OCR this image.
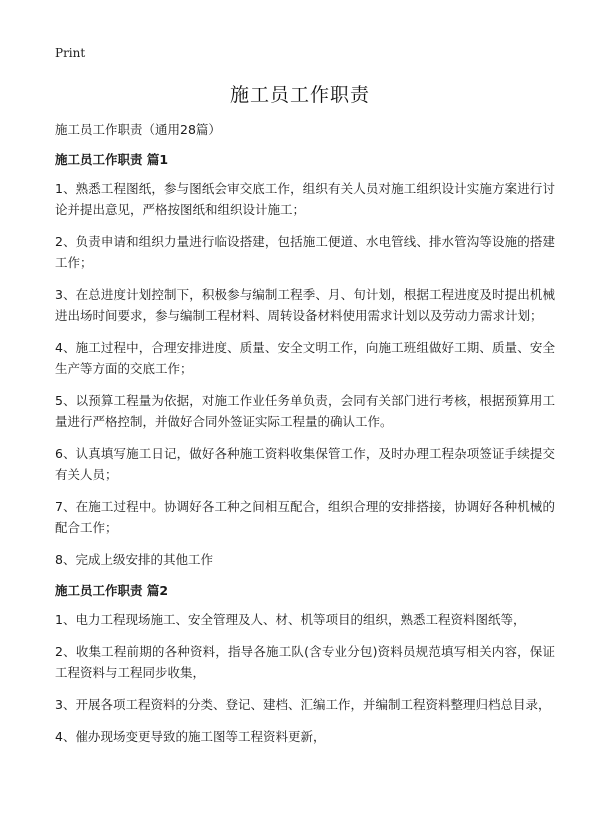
Print
施工员工作职责
施工员工作职责（通用28篇）
施工员工作职责 篇1

1、熟悉工程图纸，参与图纸会审交底工作，组织有关人员对施工组织设计实施方案进行讨论并提出意见，严格按图纸和组织设计施工；

2、负责申请和组织力量进行临设搭建，包括施工便道、水电管线、排水管沟等设施的搭建工作；

3、在总进度计划控制下，积极参与编制工程季、月、旬计划，根据工程进度及时提出机械进出场时间要求，参与编制工程材料、周转设备材料使用需求计划以及劳动力需求计划；

4、施工过程中，合理安排进度、质量、安全文明工作，向施工班组做好工期、质量、安全生产等方面的交底工作；

5、以预算工程量为依据，对施工作业任务单负责，会同有关部门进行考核，根据预算用工量进行严格控制，并做好合同外签证实际工程量的确认工作。

6、认真填写施工日记，做好各种施工资料收集保管工作，及时办理工程杂项签证手续提交有关人员；

7、在施工过程中。协调好各工种之间相互配合，组织合理的安排搭接，协调好各种机械的配合工作；

8、完成上级安排的其他工作

施工员工作职责 篇2

1、电力工程现场施工、安全管理及人、材、机等项目的组织，熟悉工程资料图纸等，

2、收集工程前期的各种资料，指导各施工队(含专业分包)资料员规范填写相关内容，保证工程资料与工程同步收集，

3、开展各项工程资料的分类、登记、建档、汇编工作，并编制工程资料整理归档总目录，

4、催办现场变更导致的施工图等工程资料更新，
